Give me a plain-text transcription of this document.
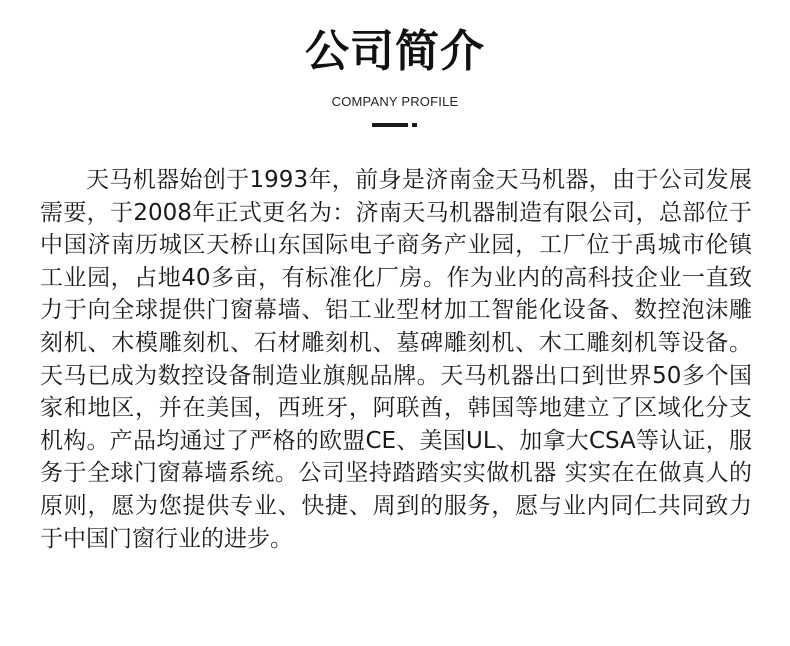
公司简介
COMPANY PROFILE

天马机器始创于1993年，前身是济南金天马机器，由于公司发展需要，于2008年正式更名为：济南天马机器制造有限公司，总部位于中国济南历城区天桥山东国际电子商务产业园，工厂位于禹城市伦镇工业园，占地40多亩，有标准化厂房。作为业内的高科技企业一直致力于向全球提供门窗幕墙、铝工业型材加工智能化设备、数控泡沫雕刻机、木模雕刻机、石材雕刻机、墓碑雕刻机、木工雕刻机等设备。天马已成为数控设备制造业旗舰品牌。天马机器出口到世界50多个国家和地区，并在美国，西班牙，阿联酋，韩国等地建立了区域化分支机构。产品均通过了严格的欧盟CE、美国UL、加拿大CSA等认证，服务于全球门窗幕墙系统。公司坚持踏踏实实做机器 实实在在做真人的原则，愿为您提供专业、快捷、周到的服务，愿与业内同仁共同致力于中国门窗行业的进步。
